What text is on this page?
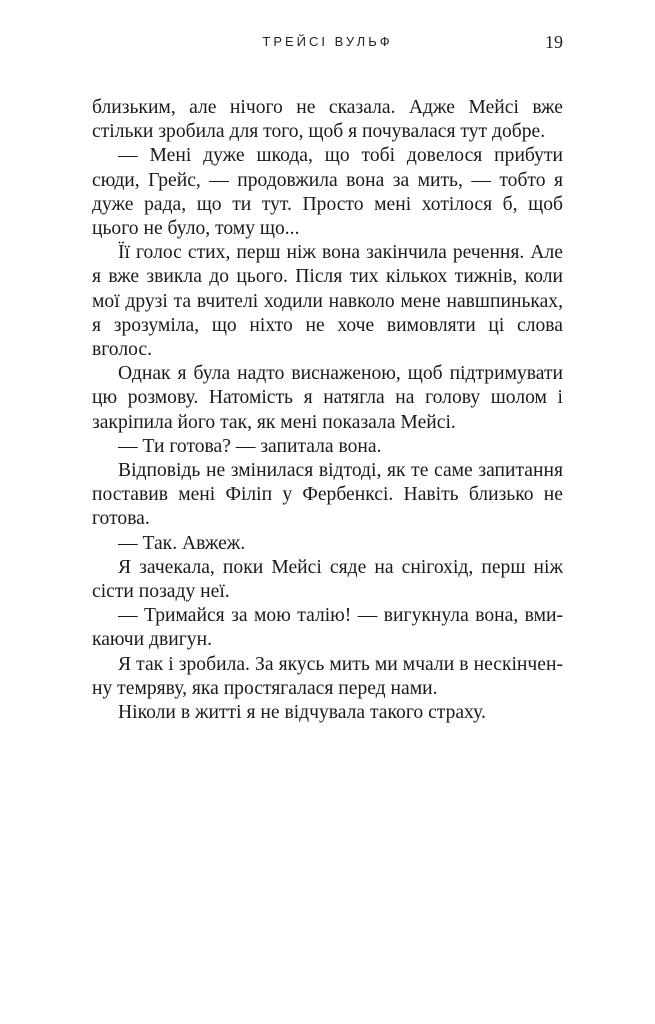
ТРЕЙСІ ВУЛЬФ	19

близьким, але нічого не сказала. Адже Мейсі вже стільки зробила для того, щоб я почувалася тут добре.

— Мені дуже шкода, що тобі довелося прибути сюди, Грейс, — продовжила вона за мить, — тобто я дуже рада, що ти тут. Просто мені хотілося б, щоб цього не було, тому що...

Її голос стих, перш ніж вона закінчила речення. Але я вже звикла до цього. Після тих кількох тижнів, коли мої друзі та вчителі ходили навколо мене навшпиньках, я зрозуміла, що ніхто не хоче вимовляти ці слова вголос.

Однак я була надто виснаженою, щоб підтримувати цю розмову. Натомість я натягла на голову шолом і закріпила його так, як мені показала Мейсі.

— Ти готова? — запитала вона.

Відповідь не змінилася відтоді, як те саме запитання поставив мені Філіп у Фербенксі. Навіть близько не готова.

— Так. Авжеж.

Я зачекала, поки Мейсі сяде на снігохід, перш ніж сісти позаду неї.

— Тримайся за мою талію! — вигукнула вона, вмикаючи двигун.

Я так і зробила. За якусь мить ми мчали в нескінченну темряву, яка простягалася перед нами.

Ніколи в житті я не відчувала такого страху.
